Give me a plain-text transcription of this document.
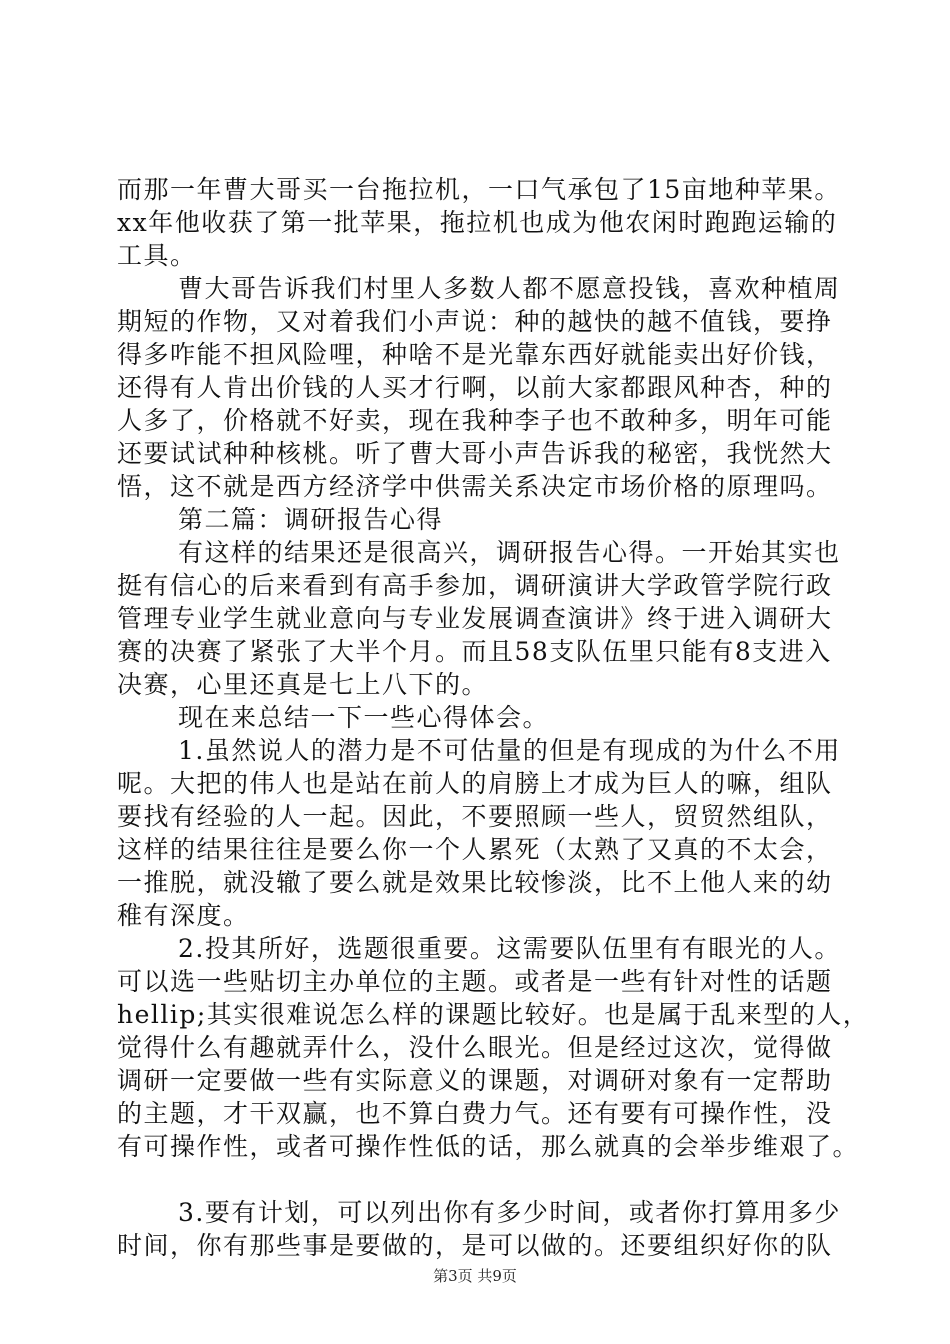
而那一年曹大哥买一台拖拉机，一口气承包了15亩地种苹果。
xx年他收获了第一批苹果，拖拉机也成为他农闲时跑跑运输的
工具。
曹大哥告诉我们村里人多数人都不愿意投钱，喜欢种植周
期短的作物，又对着我们小声说：种的越快的越不值钱，要挣
得多咋能不担风险哩，种啥不是光靠东西好就能卖出好价钱，
还得有人肯出价钱的人买才行啊，以前大家都跟风种杏，种的
人多了，价格就不好卖，现在我种李子也不敢种多，明年可能
还要试试种种核桃。听了曹大哥小声告诉我的秘密，我恍然大
悟，这不就是西方经济学中供需关系决定市场价格的原理吗。
第二篇：调研报告心得
有这样的结果还是很高兴，调研报告心得。一开始其实也
挺有信心的后来看到有高手参加，调研演讲大学政管学院行政
管理专业学生就业意向与专业发展调查演讲》终于进入调研大
赛的决赛了紧张了大半个月。而且58支队伍里只能有8支进入
决赛，心里还真是七上八下的。
现在来总结一下一些心得体会。
1.虽然说人的潜力是不可估量的但是有现成的为什么不用
呢。大把的伟人也是站在前人的肩膀上才成为巨人的嘛，组队
要找有经验的人一起。因此，不要照顾一些人，贸贸然组队，
这样的结果往往是要么你一个人累死（太熟了又真的不太会，
一推脱，就没辙了要么就是效果比较惨淡，比不上他人来的幼
稚有深度。
2.投其所好，选题很重要。这需要队伍里有有眼光的人。
可以选一些贴切主办单位的主题。或者是一些有针对性的话题
hellip;其实很难说怎么样的课题比较好。也是属于乱来型的人，
觉得什么有趣就弄什么，没什么眼光。但是经过这次，觉得做
调研一定要做一些有实际意义的课题，对调研对象有一定帮助
的主题，才干双赢，也不算白费力气。还有要有可操作性，没
有可操作性，或者可操作性低的话，那么就真的会举步维艰了。
3.要有计划，可以列出你有多少时间，或者你打算用多少
时间，你有那些事是要做的，是可以做的。还要组织好你的队
第3页 共9页
